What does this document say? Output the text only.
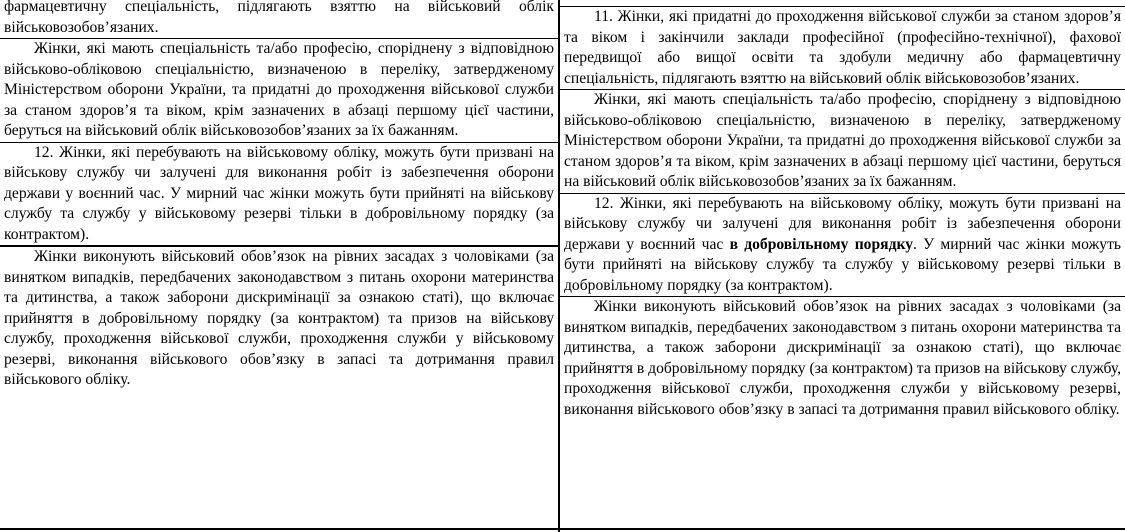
фармацевтичну спеціальність, підлягають взяттю на військовий облік військовозобов’язаних.
Жінки, які мають спеціальність та/або професію, споріднену з відповідною військово-обліковою спеціальністю, визначеною в переліку, затвердженому Міністерством оборони України, та придатні до проходження військової служби за станом здоров’я та віком, крім зазначених в абзаці першому цієї частини, беруться на військовий облік військовозобов’язаних за їх бажанням.
12. Жінки, які перебувають на військовому обліку, можуть бути призвані на військову службу чи залучені для виконання робіт із забезпечення оборони держави у воєнний час. У мирний час жінки можуть бути прийняті на військову службу та службу у військовому резерві тільки в добровільному порядку (за контрактом).
Жінки виконують військовий обов’язок на рівних засадах з чоловіками (за винятком випадків, передбачених законодавством з питань охорони материнства та дитинства, а також заборони дискримінації за ознакою статі), що включає прийняття в добровільному порядку (за контрактом) та призов на військову службу, проходження військової служби, проходження служби у військовому резерві, виконання військового обов’язку в запасі та дотримання правил військового обліку.
11. Жінки, які придатні до проходження військової служби за станом здоров’я та віком і закінчили заклади професійної (професійно-технічної), фахової передвищої або вищої освіти та здобули медичну або фармацевтичну спеціальність, підлягають взяттю на військовий облік військовозобов’язаних.
Жінки, які мають спеціальність та/або професію, споріднену з відповідною військово-обліковою спеціальністю, визначеною в переліку, затвердженому Міністерством оборони України, та придатні до проходження військової служби за станом здоров’я та віком, крім зазначених в абзаці першому цієї частини, беруться на військовий облік військовозобов’язаних за їх бажанням.
12. Жінки, які перебувають на військовому обліку, можуть бути призвані на військову службу чи залучені для виконання робіт із забезпечення оборони держави у воєнний час в добровільному порядку. У мирний час жінки можуть бути прийняті на військову службу та службу у військовому резерві тільки в добровільному порядку (за контрактом).
Жінки виконують військовий обов’язок на рівних засадах з чоловіками (за винятком випадків, передбачених законодавством з питань охорони материнства та дитинства, а також заборони дискримінації за ознакою статі), що включає прийняття в добровільному порядку (за контрактом) та призов на військову службу, проходження військової служби, проходження служби у військовому резерві, виконання військового обов’язку в запасі та дотримання правил військового обліку.
